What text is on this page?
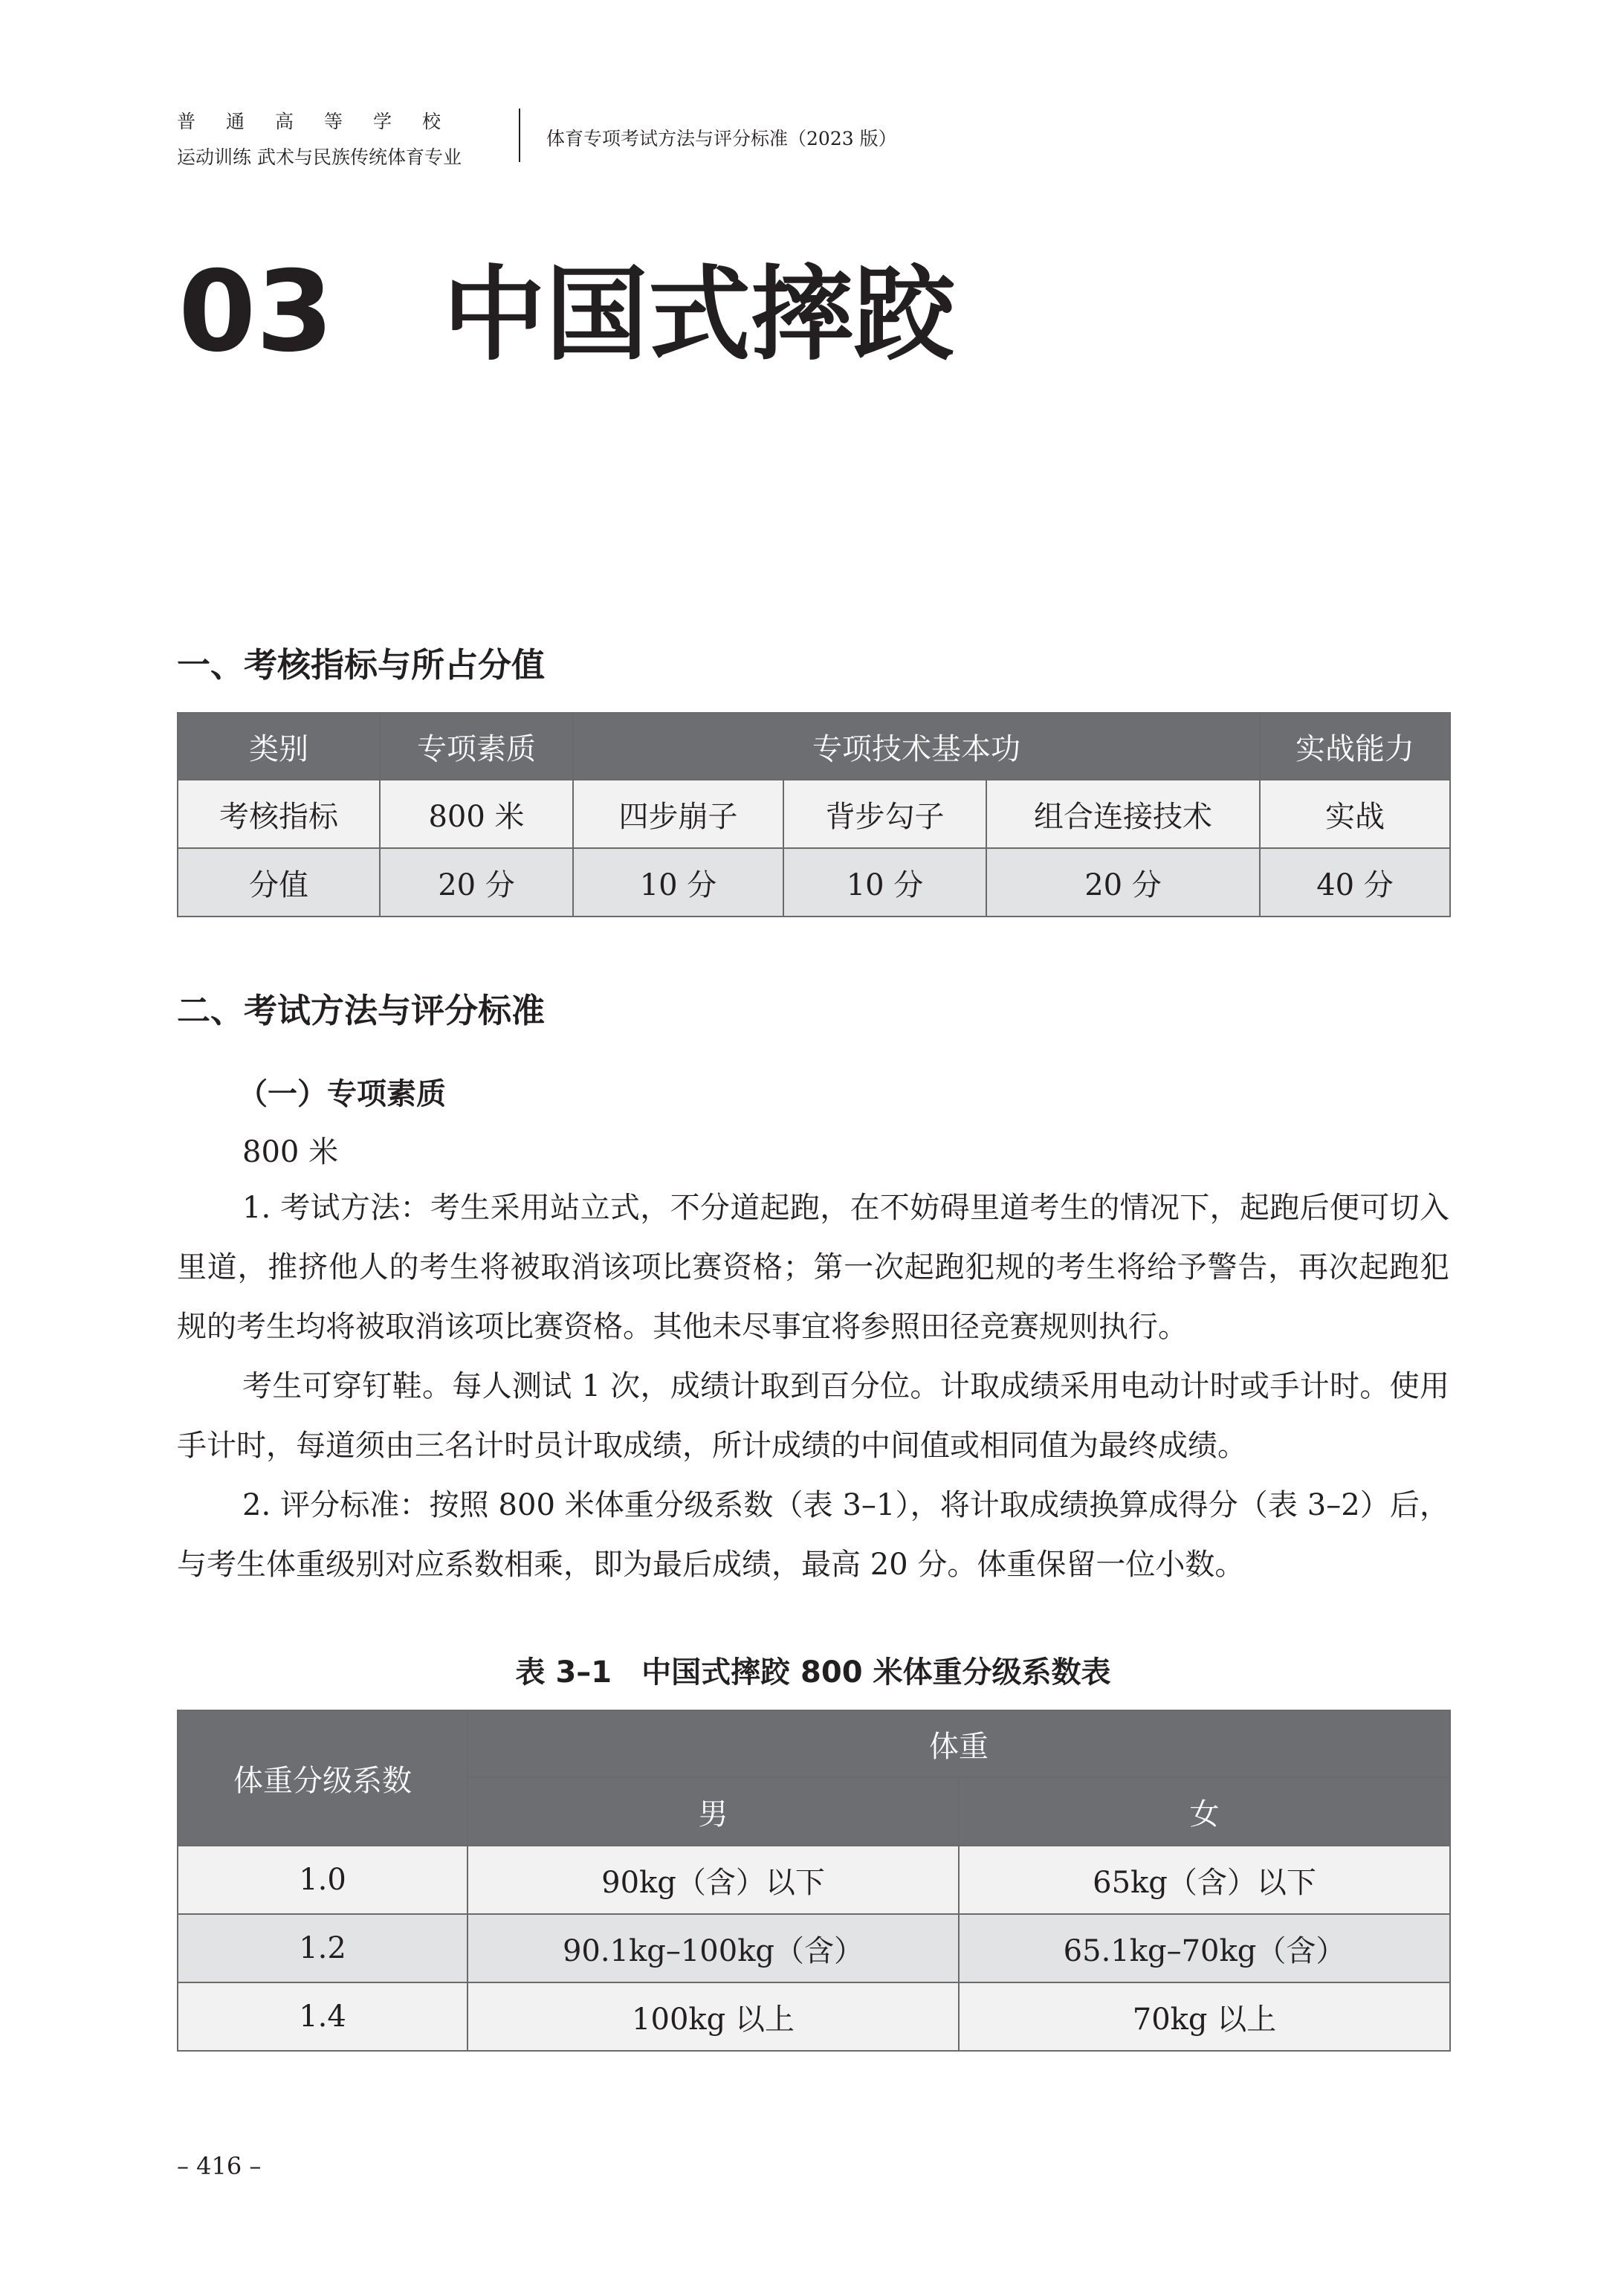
普通高等学校
运动训练 武术与民族传统体育专业
体育专项考试方法与评分标准（2023 版）
03 中国式摔跤
一、考核指标与所占分值
类别	专项素质	专项技术基本功			实战能力
考核指标	800 米	四步崩子	背步勾子	组合连接技术	实战
分值	20 分	10 分	10 分	20 分	40 分
二、考试方法与评分标准
（一）专项素质
800 米

1. 考试方法：考生采用站立式，不分道起跑，在不妨碍里道考生的情况下，起跑后便可切入里道，推挤他人的考生将被取消该项比赛资格；第一次起跑犯规的考生将给予警告，再次起跑犯规的考生均将被取消该项比赛资格。其他未尽事宜将参照田径竞赛规则执行。

考生可穿钉鞋。每人测试 1 次，成绩计取到百分位。计取成绩采用电动计时或手计时。使用手计时，每道须由三名计时员计取成绩，所计成绩的中间值或相同值为最终成绩。

2. 评分标准：按照 800 米体重分级系数（表 3–1），将计取成绩换算成得分（表 3–2）后，与考生体重级别对应系数相乘，即为最后成绩，最高 20 分。体重保留一位小数。

表 3–1　中国式摔跤 800 米体重分级系数表
体重分级系数	体重	
	男	女
1.0	90kg（含）以下	65kg（含）以下
1.2	90.1kg–100kg（含）	65.1kg–70kg（含）
1.4	100kg 以上	70kg 以上
– 416 –
